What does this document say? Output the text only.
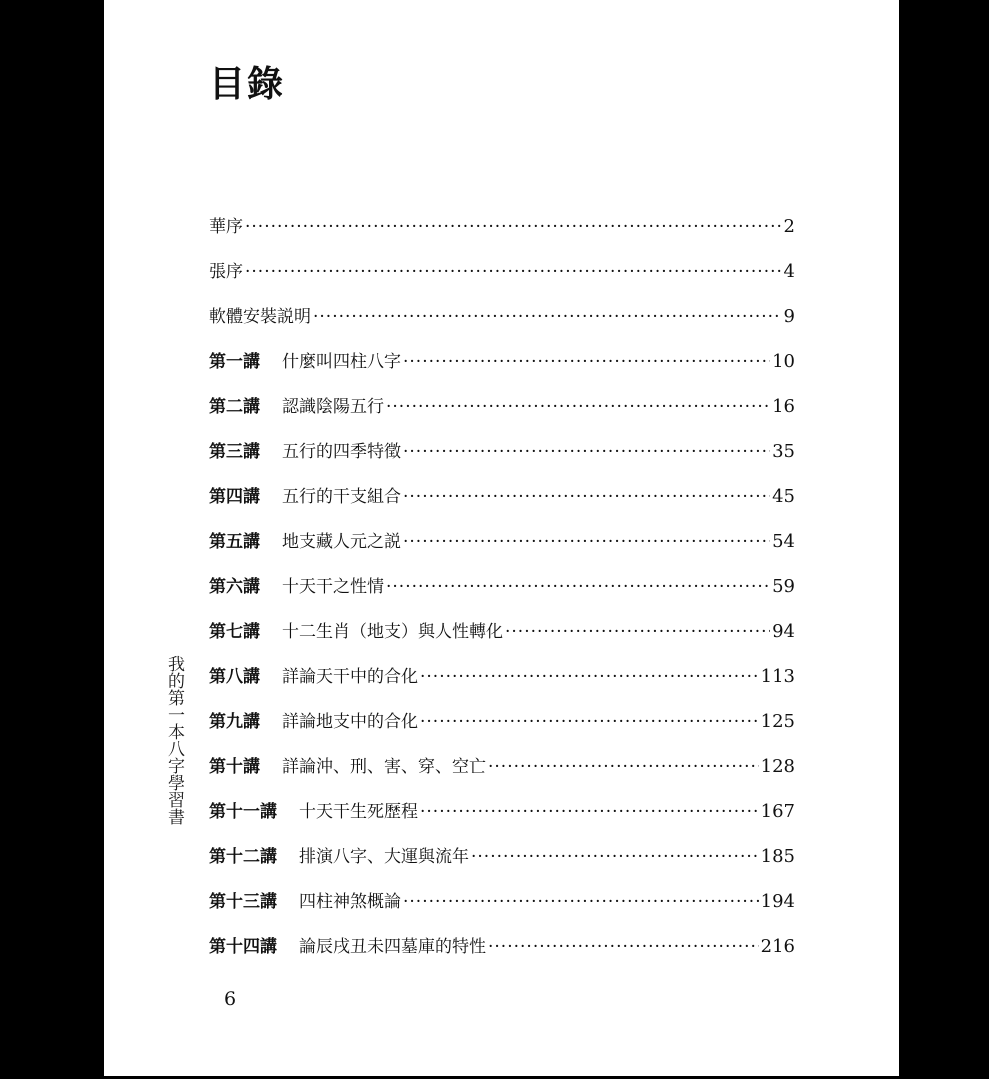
目錄
華序 ·····	2
張序 ·····	4
軟體安裝説明 ·····	9
第一講 什麼叫四柱八字 ·····	10
第二講 認識陰陽五行 ·····	16
第三講 五行的四季特徵 ·····	35
第四講 五行的干支組合 ·····	45
第五講 地支藏人元之説 ·····	54
第六講 十天干之性情 ·····	59
第七講 十二生肖（地支）與人性轉化 ·····	94
第八講 詳論天干中的合化 ·····	113
第九講 詳論地支中的合化 ·····	125
第十講 詳論沖、刑、害、穿、空亡 ·····	128
第十一講 十天干生死歷程 ·····	167
第十二講 排演八字、大運與流年 ·····	185
第十三講 四柱神煞概論 ·····	194
第十四講 論辰戌丑未四墓庫的特性 ·····	216
我的第一本八字學習書
6
